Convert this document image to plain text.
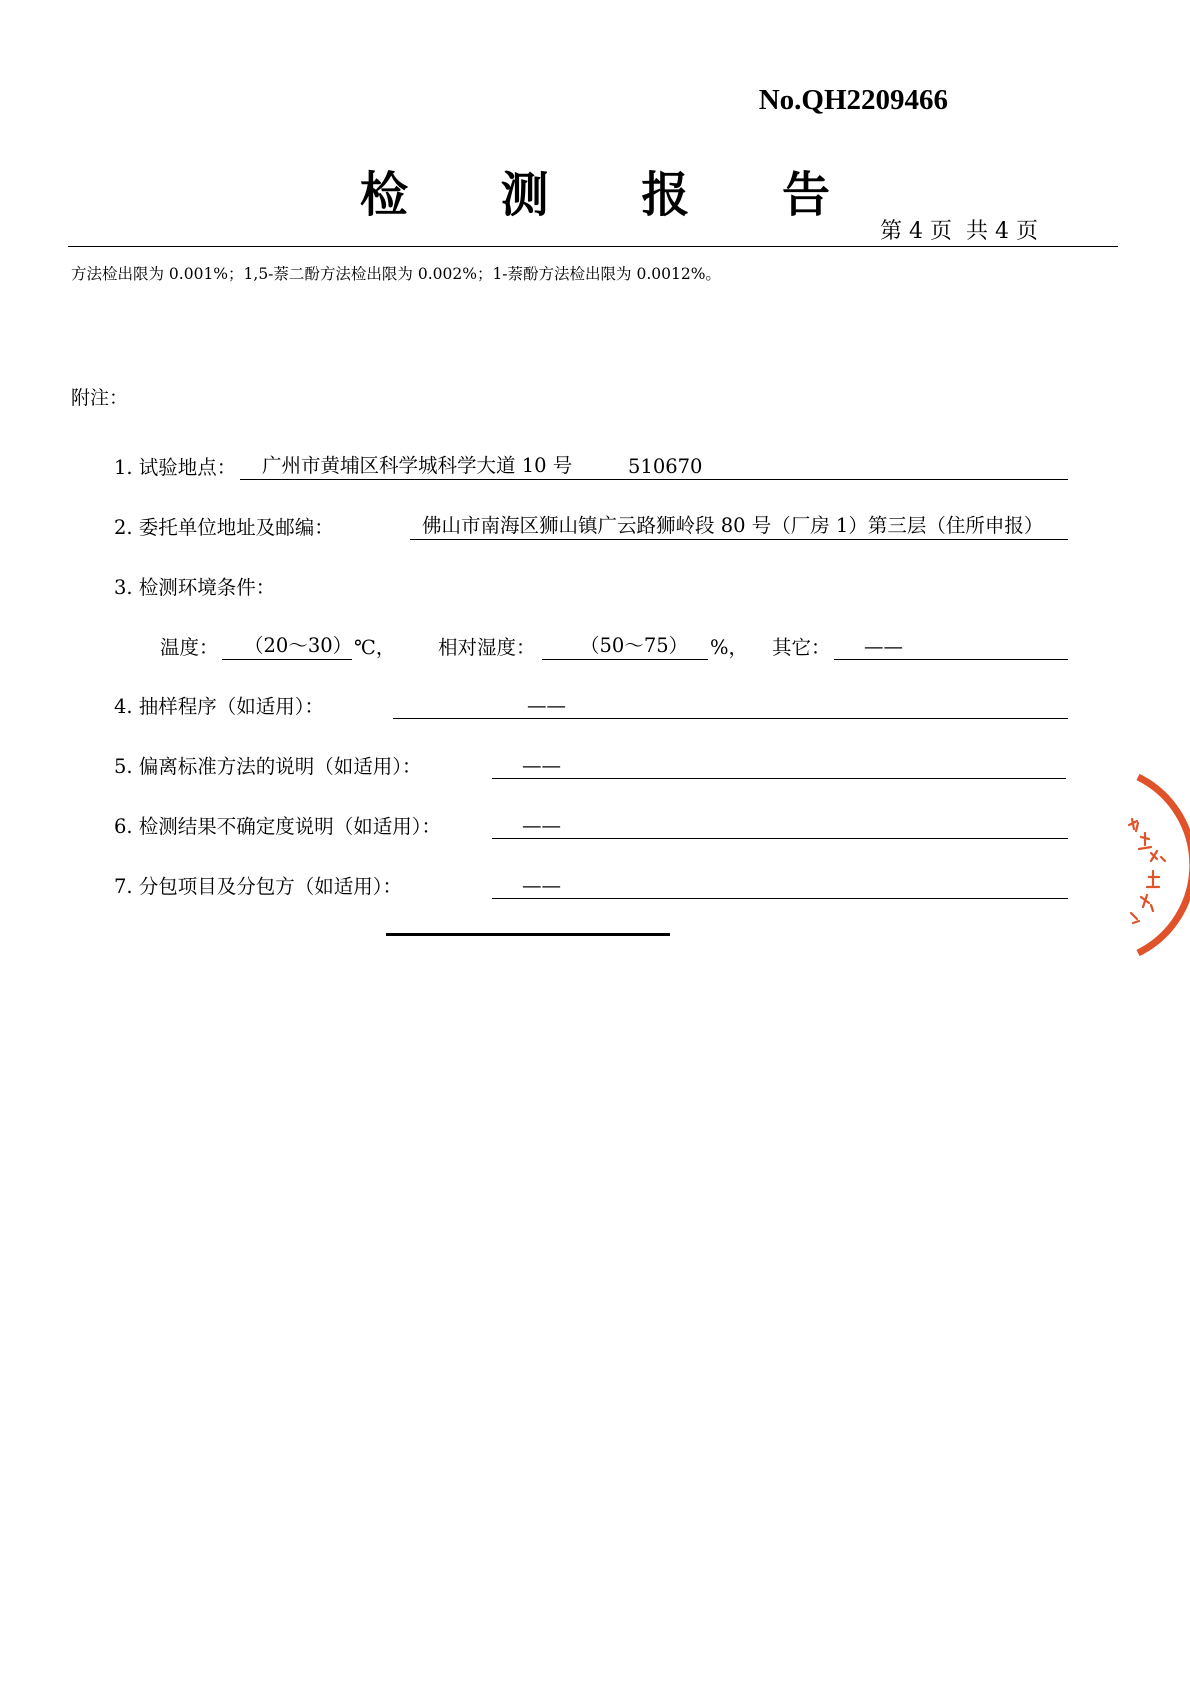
No.QH2209466
检 测 报 告
第 4 页  共 4 页
方法检出限为 0.001%；1,5-萘二酚方法检出限为 0.002%；1-萘酚方法检出限为 0.0012%。
附注：
1. 试验地点： 广州市黄埔区科学城科学大道 10 号	510670
2. 委托单位地址及邮编：	佛山市南海区狮山镇广云路狮岭段 80 号（厂房 1）第三层（住所申报）
3. 检测环境条件：
温度： （20～30） ℃， 相对湿度： （50～75） %， 其它： ——
4. 抽样程序（如适用）：	——
5. 偏离标准方法的说明（如适用）：	——
6. 检测结果不确定度说明（如适用）：	——
7. 分包项目及分包方（如适用）：	——
